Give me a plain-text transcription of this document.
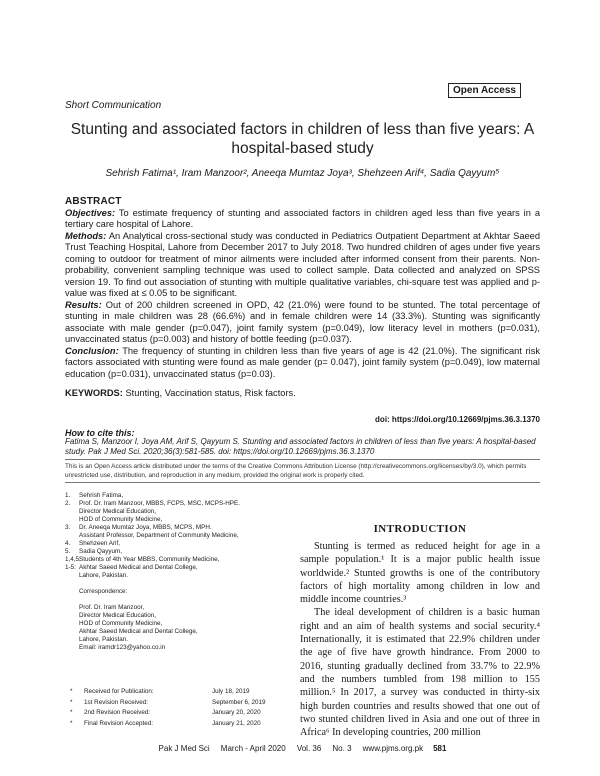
Open Access
Short Communication
Stunting and associated factors in children of less than five years: A hospital-based study
Sehrish Fatima¹, Iram Manzoor², Aneeqa Mumtaz Joya³, Shehzeen Arif⁴, Sadia Qayyum⁵
ABSTRACT

Objectives: To estimate frequency of stunting and associated factors in children aged less than five years in a tertiary care hospital of Lahore.

Methods: An Analytical cross-sectional study was conducted in Pediatrics Outpatient Department at Akhtar Saeed Trust Teaching Hospital, Lahore from December 2017 to July 2018. Two hundred children of ages under five years coming to outdoor for treatment of minor ailments were included after informed consent from their parents. Non-probability, convenient sampling technique was used to collect sample. Data collected and analyzed on SPSS version 19. To find out association of stunting with multiple qualitative variables, chi-square test was applied and p-value was fixed at ≤ 0.05 to be significant.

Results: Out of 200 children screened in OPD, 42 (21.0%) were found to be stunted. The total percentage of stunting in male children was 28 (66.6%) and in female children were 14 (33.3%). Stunting was significantly associate with male gender (p=0.047), joint family system (p=0.049), low literacy level in mothers (p=0.031), unvaccinated status (p=0.003) and history of bottle feeding (p=0.037).

Conclusion: The frequency of stunting in children less than five years of age is 42 (21.0%). The significant risk factors associated with stunting were found as male gender (p= 0.047), joint family system (p=0.049), low maternal education (p=0.031), unvaccinated status (p=0.03).

KEYWORDS: Stunting, Vaccination status, Risk factors.

doi: https://doi.org/10.12669/pjms.36.3.1370
How to cite this:
Fatima S, Manzoor I, Joya AM, Arif S, Qayyum S. Stunting and associated factors in children of less than five years: A hospital-based study. Pak J Med Sci. 2020;36(3):581-585. doi: https://doi.org/10.12669/pjms.36.3.1370
This is an Open Access article distributed under the terms of the Creative Commons Attribution License (http://creativecommons.org/licenses/by/3.0), which permits unrestricted use, distribution, and reproduction in any medium, provided the original work is properly cited.
1.	Sehrish Fatima,
2.	Prof. Dr. Iram Manzoor, MBBS, FCPS, MSC, MCPS-HPE.
Director Medical Education,
HOD of Community Medicine,
3.	Dr. Aneeqa Mumtaz Joya, MBBS, MCPS, MPH.
Assistant Professor, Department of Community Medicine,
4.	Shehzeen Arif,
5.	Sadia Qayyum,
1,4,5:
Students of 4th Year MBBS, Community Medicine,
1-5: Akhtar Saeed Medical and Dental College,
Lahore, Pakistan.
Correspondence:
Prof. Dr. Iram Manzoor,
Director Medical Education,
HOD of Community Medicine,
Akhtar Saeed Medical and Dental College,
Lahore, Pakistan.
Email: iramdr123@yahoo.co.in
*	Received for Publication:	July 18, 2019
*	1st Revision Received:	September 6, 2019
*	2nd Revision Received:	January 20, 2020
*	Final Revision Accepted:	January 21, 2020
INTRODUCTION

Stunting is termed as reduced height for age in a sample population.¹ It is a major public health issue worldwide.² Stunted growths is one of the contributory factors of high mortality among children in low and middle income countries.³

The ideal development of children is a basic human right and an aim of health systems and social security.⁴ Internationally, it is estimated that 22.9% children under the age of five have growth hindrance. From 2000 to 2016, stunting gradually declined from 33.7% to 22.9% and the numbers tumbled from 198 million to 155 million.⁵ In 2017, a survey was conducted in thirty-six high burden countries and results showed that one out of two stunted children lived in Asia and one out of three in Africa⁶ In developing countries, 200 million

Pak J Med Sci     March - April 2020     Vol. 36     No. 3     www.pjms.org.pk 581
